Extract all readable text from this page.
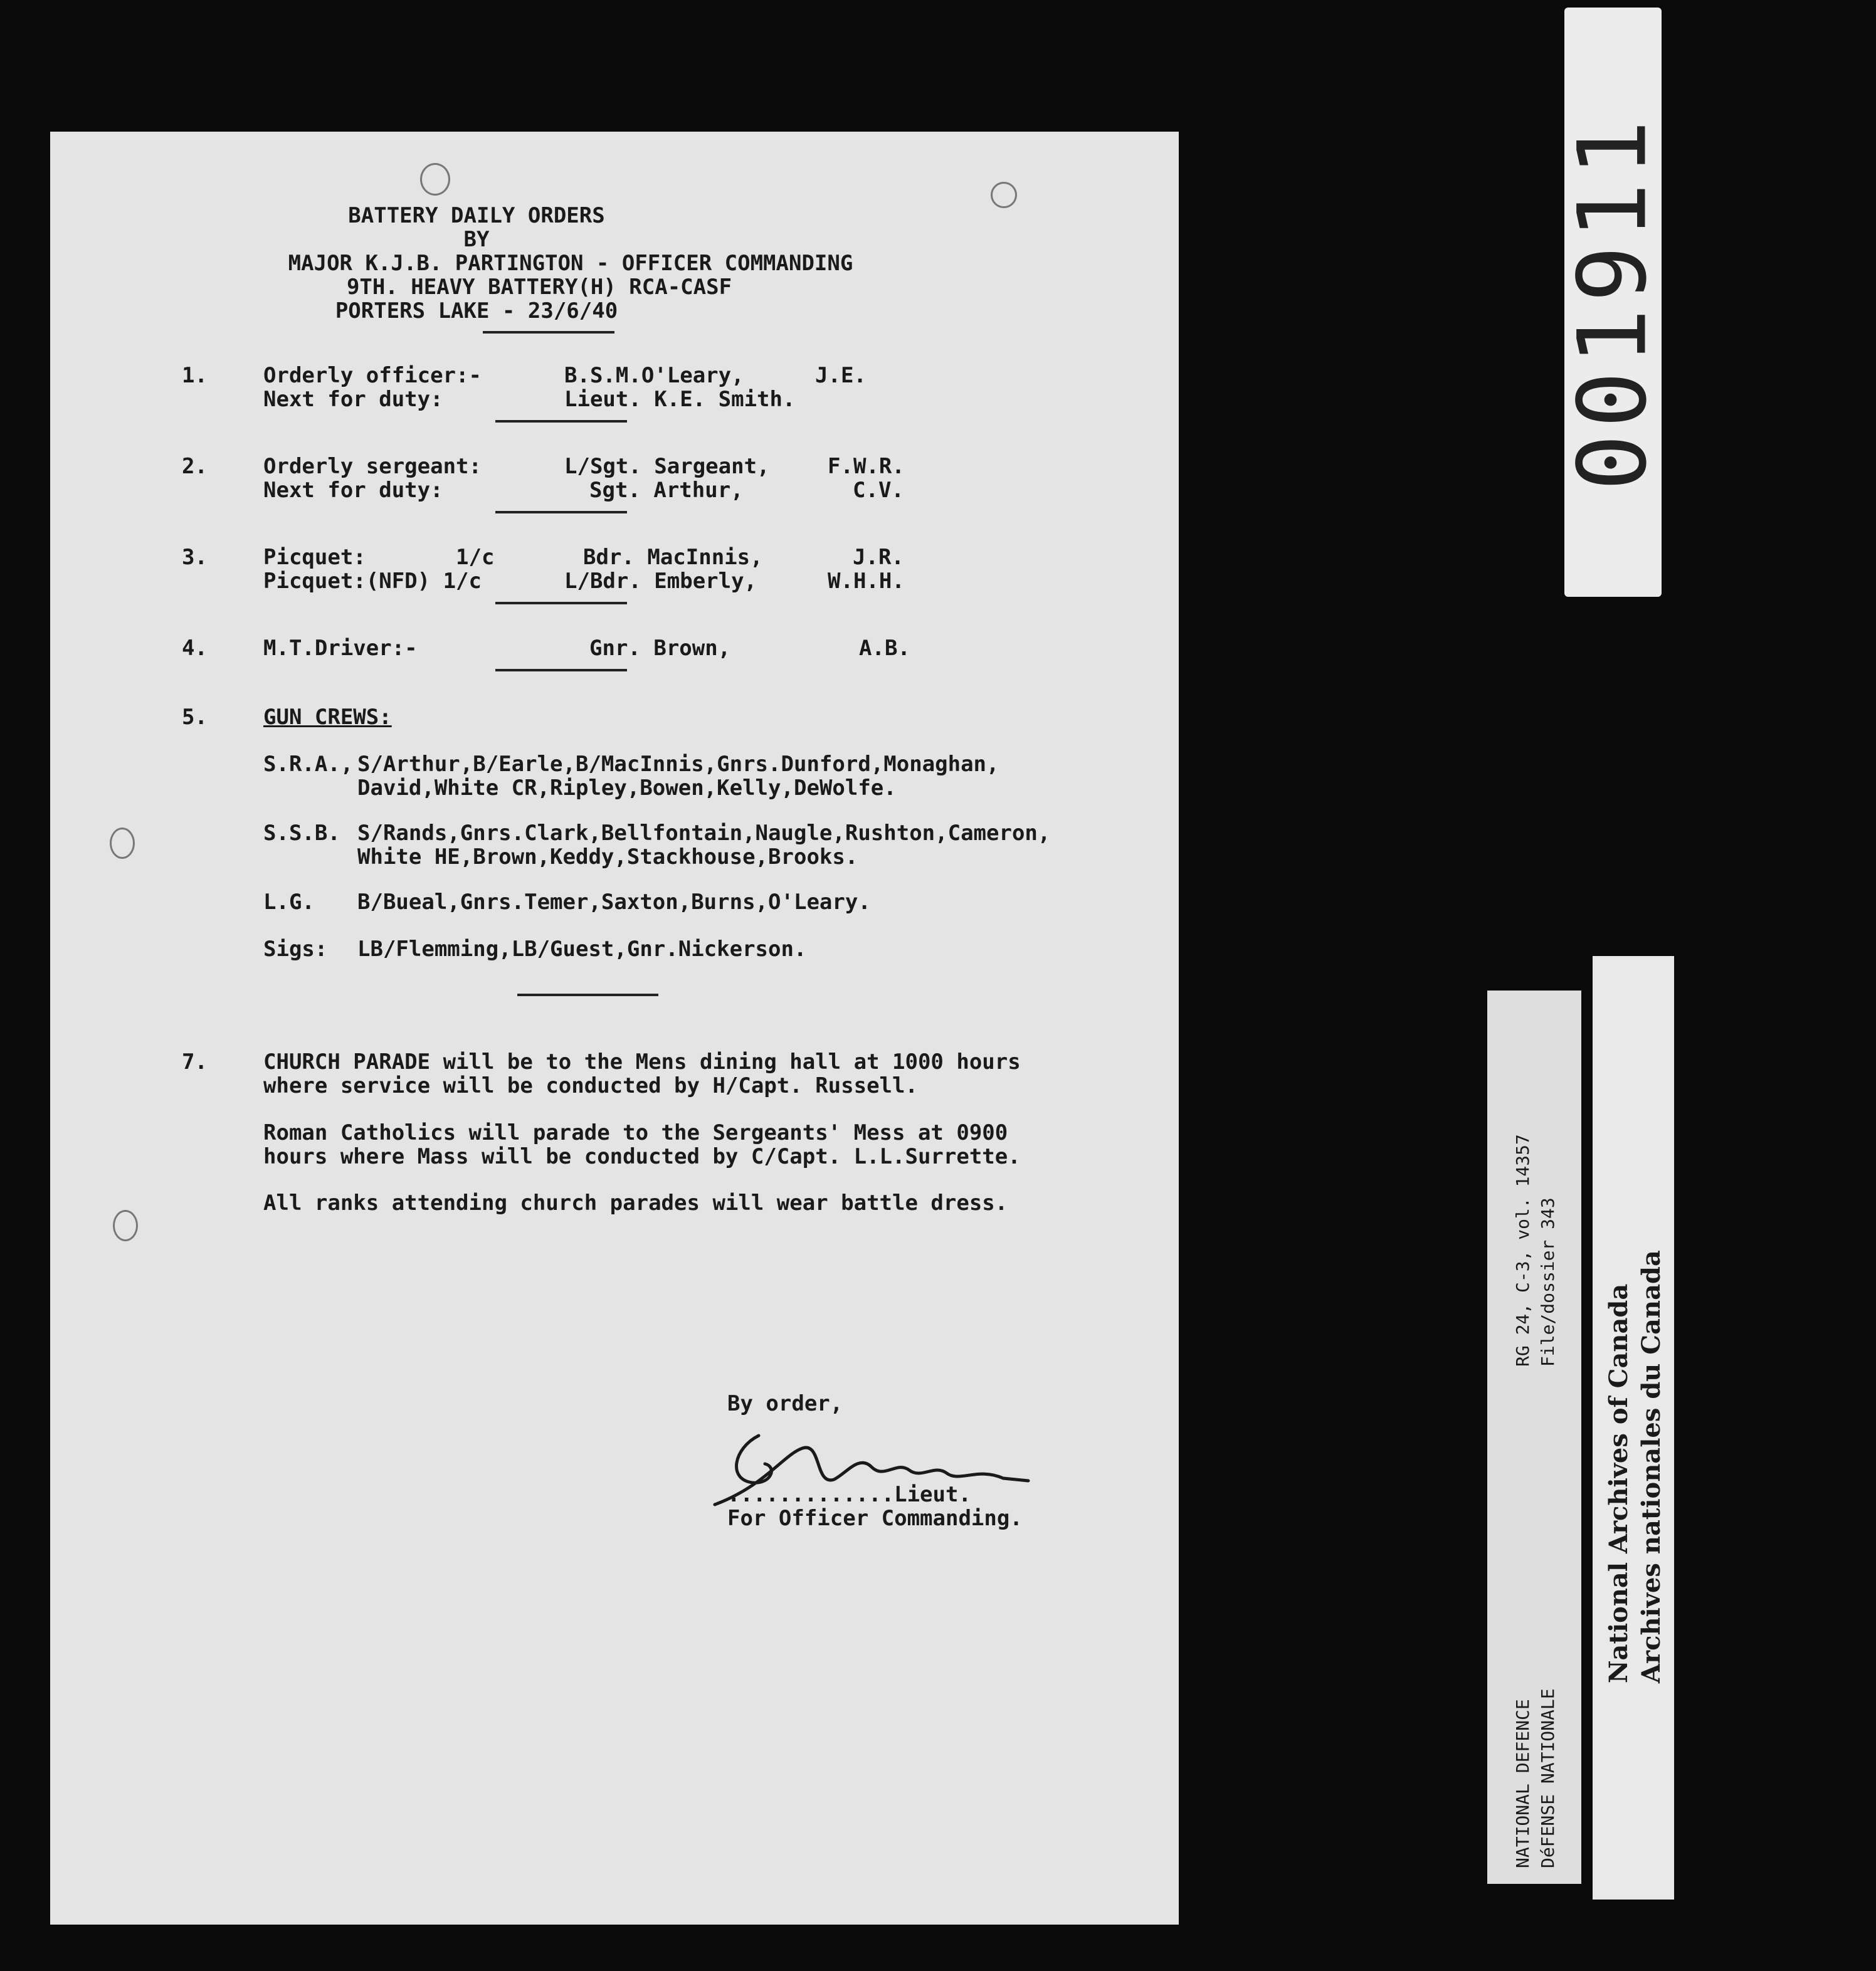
BATTERY DAILY ORDERS
BY
MAJOR K.J.B. PARTINGTON - OFFICER COMMANDING
9TH. HEAVY BATTERY(H) RCA-CASF
PORTERS LAKE - 23/6/40
1.	Orderly officer:-	B.S.M.O'Leary,	J.E.
Next for duty:	Lieut. K.E. Smith.
2.	Orderly sergeant:	L/Sgt. Sargeant,	F.W.R.
Next for duty:	Sgt. Arthur,	C.V.
3.	Picquet:       1/c	Bdr. MacInnis,	J.R.
Picquet:(NFD) 1/c	L/Bdr. Emberly,	W.H.H.
4.	M.T.Driver:-	Gnr. Brown,	A.B.
5.	GUN CREWS:
S.R.A., S/Arthur,B/Earle,B/MacInnis,Gnrs.Dunford,Monaghan,
David,White CR,Ripley,Bowen,Kelly,DeWolfe.
S.S.B. S/Rands,Gnrs.Clark,Bellfontain,Naugle,Rushton,Cameron,
White HE,Brown,Keddy,Stackhouse,Brooks.
L.G. B/Bueal,Gnrs.Temer,Saxton,Burns,O'Leary.
Sigs: LB/Flemming,LB/Guest,Gnr.Nickerson.
7.	CHURCH PARADE will be to the Mens dining hall at 1000 hours
where service will be conducted by H/Capt. Russell.
Roman Catholics will parade to the Sergeants' Mess at 0900
hours where Mass will be conducted by C/Capt. L.L.Surrette.
All ranks attending church parades will wear battle dress.
By order,
.............Lieut.
For Officer Commanding.
001911
RG 24, C-3, vol. 14357 File/dossier 343
NATIONAL DEFENCE DéFENSE NATIONALE
National Archives of Canada Archives nationales du Canada
